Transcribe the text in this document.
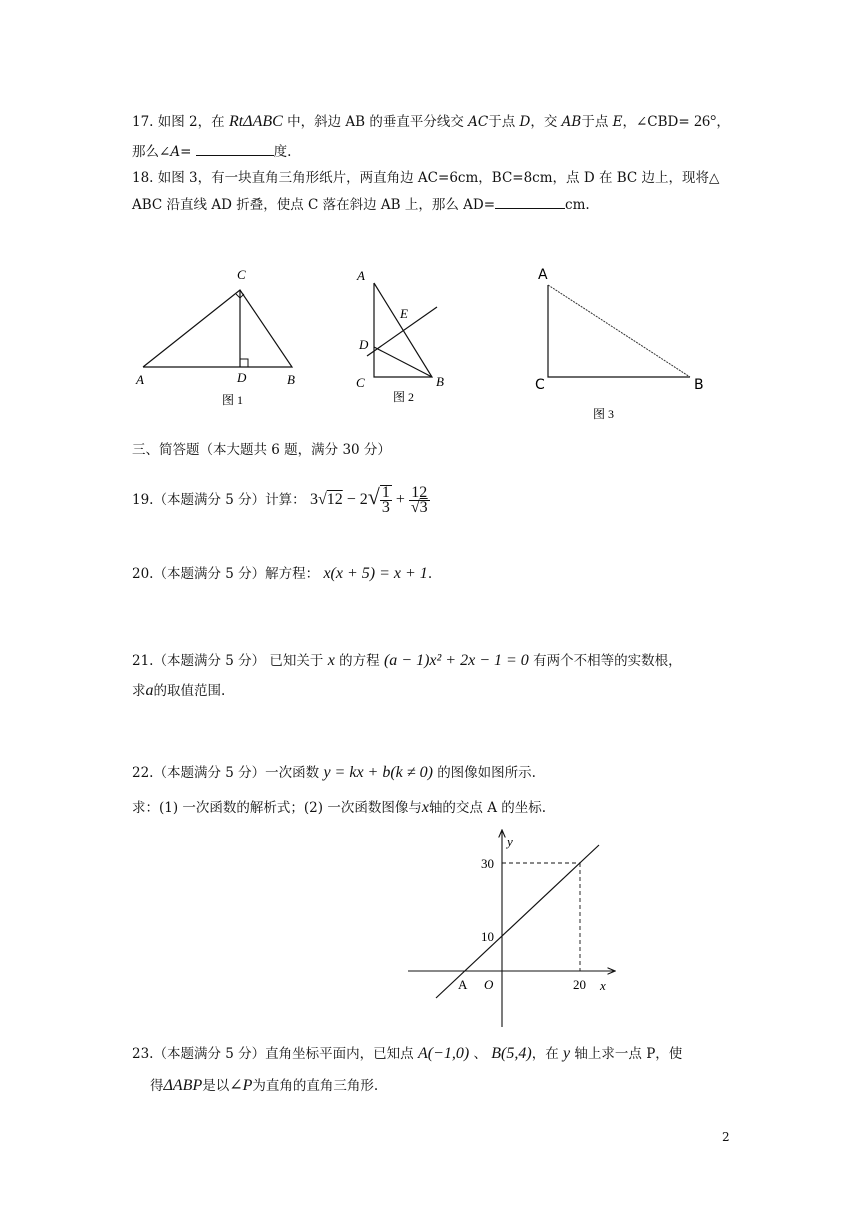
17. 如图 2，在 RtΔABC 中，斜边 AB 的垂直平分线交 AC于点 D，交 AB于点 E，∠CBD= 26°，
那么∠A=	度.
18. 如图 3，有一块直角三角形纸片，两直角边 AC=6cm，BC=8cm，点 D 在 BC 边上，现将△
ABC 沿直线 AD 折叠，使点 C 落在斜边 AB 上，那么 AD=	cm.
C
A	D	B
图 1
A
E
D
C	B
图 2
A
C	B
图 3
三、简答题（本大题共 6 题，满分 30 分）
19.（本题满分 5 分）计算： $3√12 - 2√ \frac{1}{3} + \frac{12}{√3}$
20.（本题满分 5 分）解方程： x(x + 5) = x + 1.
21.（本题满分 5 分） 已知关于 x 的方程 (a − 1)x² + 2x − 1 = 0 有两个不相等的实数根，
求a的取值范围.
22.（本题满分 5 分）一次函数 y = kx + b(k ≠ 0) 的图像如图所示.
求：(1) 一次函数的解析式；(2) 一次函数图像与x轴的交点 A 的坐标.
y
x
O
A
30
10
20
23.（本题满分 5 分）直角坐标平面内，已知点 A(−1,0) 、 B(5,4)，在 y 轴上求一点 P，使
得ΔABP是以∠P为直角的直角三角形.
2
